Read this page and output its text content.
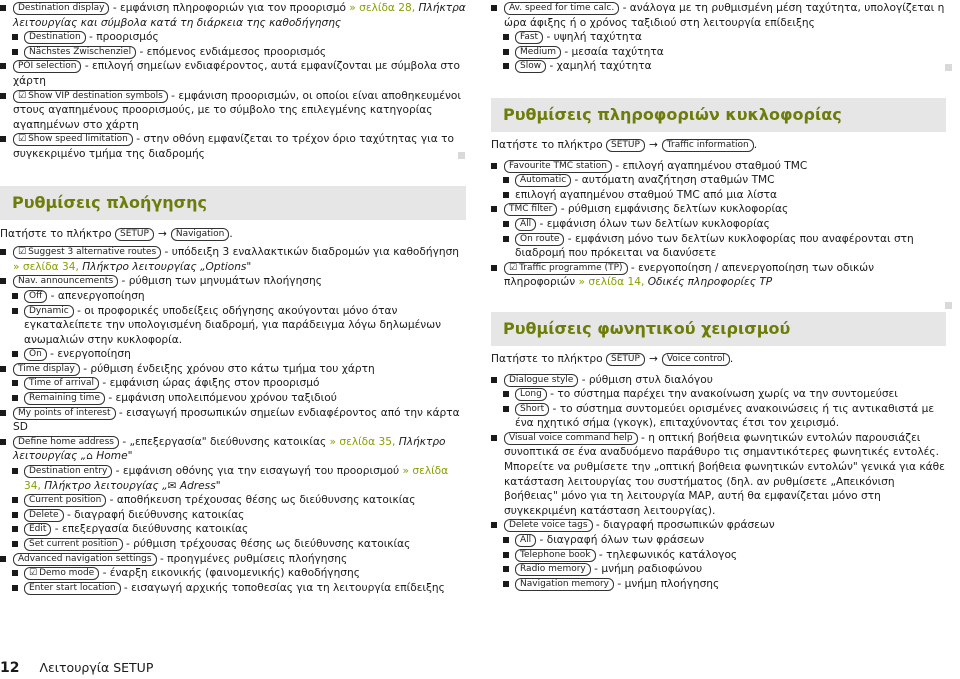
Destination display - εμφάνιση πληροφοριών για τον προορισμό » σελίδα 28, Πλήκτρα λειτουργίας και σύμβολα κατά τη διάρκεια της καθοδήγησης
Destination - προορισμός
Nächstes Zwischenziel - επόμενος ενδιάμεσος προορισμός
POI selection - επιλογή σημείων ενδιαφέροντος, αυτά εμφανίζονται με σύμβολα στο χάρτη
☑ Show VIP destination symbols - εμφάνιση προορισμών, οι οποίοι είναι αποθηκευμένοι στους αγαπημένους προορισμούς, με το σύμβολο της επιλεγμένης κατηγορίας αγαπημένων στο χάρτη
☑ Show speed limitation - στην οθόνη εμφανίζεται το τρέχον όριο ταχύτητας για το συγκεκριμένο τμήμα της διαδρομής
Ρυθμίσεις πλοήγησης
Πατήστε το πλήκτρο SETUP → Navigation .
☑ Suggest 3 alternative routes - υπόδειξη 3 εναλλακτικών διαδρομών για καθοδήγηση » σελίδα 34, Πλήκτρο λειτουργίας „Options"
Nav. announcements - ρύθμιση των μηνυμάτων πλοήγησης
Off - απενεργοποίηση
Dynamic - οι προφορικές υποδείξεις οδήγησης ακούγονται μόνο όταν εγκαταλείπετε την υπολογισμένη διαδρομή, για παράδειγμα λόγω δηλωμένων ανωμαλιών στην κυκλοφορία.
On - ενεργοποίηση
Time display - ρύθμιση ένδειξης χρόνου στο κάτω τμήμα του χάρτη
Time of arrival - εμφάνιση ώρας άφιξης στον προορισμό
Remaining time - εμφάνιση υπολειπόμενου χρόνου ταξιδιού
My points of interest - εισαγωγή προσωπικών σημείων ενδιαφέροντος από την κάρτα SD
Define home address - „επεξεργασία" διεύθυνσης κατοικίας » σελίδα 35, Πλήκτρο λειτουργίας „⌂ Home"
Destination entry - εμφάνιση οθόνης για την εισαγωγή του προορισμού » σελίδα 34, Πλήκτρο λειτουργίας „✉ Adress"
Current position - αποθήκευση τρέχουσας θέσης ως διεύθυνσης κατοικίας
Delete - διαγραφή διεύθυνσης κατοικίας
Edit - επεξεργασία διεύθυνσης κατοικίας
Set current position - ρύθμιση τρέχουσας θέσης ως διεύθυνσης κατοικίας
Advanced navigation settings - προηγμένες ρυθμίσεις πλοήγησης
☑ Demo mode - έναρξη εικονικής (φαινομενικής) καθοδήγησης
Enter start location - εισαγωγή αρχικής τοποθεσίας για τη λειτουργία επίδειξης
Av. speed for time calc. - ανάλογα με τη ρυθμισμένη μέση ταχύτητα, υπολογίζεται η ώρα άφιξης ή ο χρόνος ταξιδιού στη λειτουργία επίδειξης
Fast - υψηλή ταχύτητα
Medium - μεσαία ταχύτητα
Slow - χαμηλή ταχύτητα
Ρυθμίσεις πληροφοριών κυκλοφορίας
Πατήστε το πλήκτρο SETUP → Traffic information .
Favourite TMC station - επιλογή αγαπημένου σταθμού TMC
Automatic - αυτόματη αναζήτηση σταθμών TMC
επιλογή αγαπημένου σταθμού TMC από μια λίστα
TMC filter - ρύθμιση εμφάνισης δελτίων κυκλοφορίας
All - εμφάνιση όλων των δελτίων κυκλοφορίας
On route - εμφάνιση μόνο των δελτίων κυκλοφορίας που αναφέρονται στη διαδρομή που πρόκειται να διανύσετε
☑ Traffic programme (TP) - ενεργοποίηση / απενεργοποίηση των οδικών πληροφοριών » σελίδα 14, Οδικές πληροφορίες TP
Ρυθμίσεις φωνητικού χειρισμού
Πατήστε το πλήκτρο SETUP → Voice control .
Dialogue style - ρύθμιση στυλ διαλόγου
Long - το σύστημα παρέχει την ανακοίνωση χωρίς να την συντομεύσει
Short - το σύστημα συντομεύει ορισμένες ανακοινώσεις ή τις αντικαθιστά με ένα ηχητικό σήμα (γκογκ), επιταχύνοντας έτσι τον χειρισμό.
Visual voice command help - η οπτική βοήθεια φωνητικών εντολών παρουσιάζει συνοπτικά σε ένα αναδυόμενο παράθυρο τις σημαντικότερες φωνητικές εντολές. Μπορείτε να ρυθμίσετε την „οπτική βοήθεια φωνητικών εντολών" γενικά για κάθε κατάσταση λειτουργίας του συστήματος (δηλ. αν ρυθμίσετε „Απεικόνιση βοήθειας" μόνο για τη λειτουργία MAP, αυτή θα εμφανίζεται μόνο στη συγκεκριμένη κατάσταση λειτουργίας).
Delete voice tags - διαγραφή προσωπικών φράσεων
All - διαγραφή όλων των φράσεων
Telephone book - τηλεφωνικός κατάλογος
Radio memory - μνήμη ραδιοφώνου
Navigation memory - μνήμη πλοήγησης
12 Λειτουργία SETUP
